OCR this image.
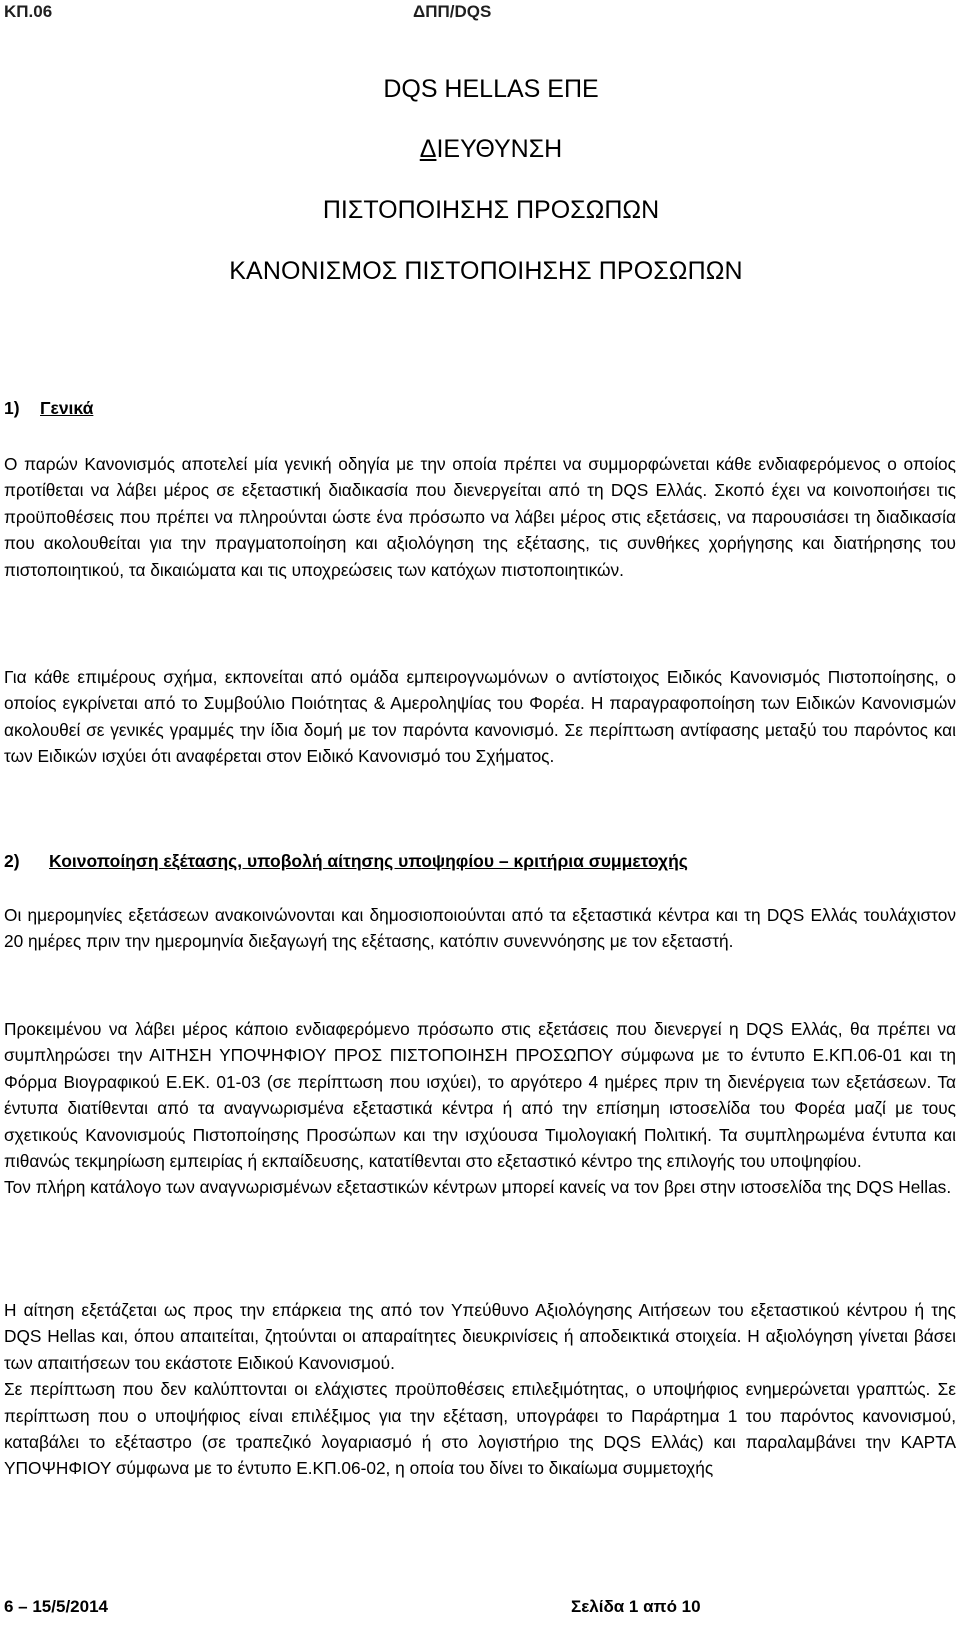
ΚΠ.06	ΔΠΠ/DQS
DQS HELLAS ΕΠΕ
ΔΙΕΥΘΥΝΣΗ
ΠΙΣΤΟΠΟΙΗΣΗΣ ΠΡΟΣΩΠΩΝ
ΚΑΝΟΝΙΣΜΟΣ ΠΙΣΤΟΠΟΙΗΣΗΣ ΠΡΟΣΩΠΩΝ
1) Γενικά

Ο παρών Κανονισμός αποτελεί μία γενική οδηγία με την οποία πρέπει να συμμορφώνεται κάθε ενδιαφερόμενος ο οποίος προτίθεται να λάβει μέρος σε εξεταστική διαδικασία που διενεργείται από τη DQS Ελλάς. Σκοπό έχει να κοινοποιήσει τις προϋποθέσεις που πρέπει να πληρούνται ώστε ένα πρόσωπο να λάβει μέρος στις εξετάσεις, να παρουσιάσει τη διαδικασία που ακολουθείται για την πραγματοποίηση και αξιολόγηση της εξέτασης, τις συνθήκες χορήγησης και διατήρησης του πιστοποιητικού, τα δικαιώματα και τις υποχρεώσεις των κατόχων πιστοποιητικών.

Για κάθε επιμέρους σχήμα, εκπονείται από ομάδα εμπειρογνωμόνων ο αντίστοιχος Ειδικός Κανονισμός Πιστοποίησης, ο οποίος εγκρίνεται από το Συμβούλιο Ποιότητας & Αμεροληψίας του Φορέα. Η παραγραφοποίηση των Ειδικών Κανονισμών ακολουθεί σε γενικές γραμμές την ίδια δομή με τον παρόντα κανονισμό. Σε περίπτωση αντίφασης μεταξύ του παρόντος και των Ειδικών ισχύει ότι αναφέρεται στον Ειδικό Κανονισμό του Σχήματος.

2) Κοινοποίηση εξέτασης, υποβολή αίτησης υποψηφίου – κριτήρια συμμετοχής

Οι ημερομηνίες εξετάσεων ανακοινώνονται και δημοσιοποιούνται από τα εξεταστικά κέντρα και τη DQS Ελλάς τουλάχιστον 20 ημέρες πριν την ημερομηνία διεξαγωγή της εξέτασης, κατόπιν συνεννόησης με τον εξεταστή.

Προκειμένου να λάβει μέρος κάποιο ενδιαφερόμενο πρόσωπο στις εξετάσεις που διενεργεί η DQS Ελλάς, θα πρέπει να συμπληρώσει την ΑΙΤΗΣΗ ΥΠΟΨΗΦΙΟΥ ΠΡΟΣ ΠΙΣΤΟΠΟΙΗΣΗ ΠΡΟΣΩΠΟΥ σύμφωνα με το έντυπο Ε.ΚΠ.06-01 και τη Φόρμα Βιογραφικού Ε.ΕΚ. 01-03 (σε περίπτωση που ισχύει), το αργότερο 4 ημέρες πριν τη διενέργεια των εξετάσεων. Τα έντυπα διατίθενται από τα αναγνωρισμένα εξεταστικά κέντρα ή από την επίσημη ιστοσελίδα του Φορέα μαζί με τους σχετικούς Κανονισμούς Πιστοποίησης Προσώπων και την ισχύουσα Τιμολογιακή Πολιτική. Τα συμπληρωμένα έντυπα και πιθανώς τεκμηρίωση εμπειρίας ή εκπαίδευσης, κατατίθενται στο εξεταστικό κέντρο της επιλογής του υποψηφίου.
Τον πλήρη κατάλογο των αναγνωρισμένων εξεταστικών κέντρων μπορεί κανείς να τον βρει στην ιστοσελίδα της DQS Hellas.
Η αίτηση εξετάζεται ως προς την επάρκεια της από τον Υπεύθυνο Αξιολόγησης Αιτήσεων του εξεταστικού κέντρου ή της DQS Hellas και, όπου απαιτείται, ζητούνται οι απαραίτητες διευκρινίσεις ή αποδεικτικά στοιχεία. Η αξιολόγηση γίνεται βάσει των απαιτήσεων του εκάστοτε Ειδικού Κανονισμού.
Σε περίπτωση που δεν καλύπτονται οι ελάχιστες προϋποθέσεις επιλεξιμότητας, ο υποψήφιος ενημερώνεται γραπτώς. Σε περίπτωση που ο υποψήφιος είναι επιλέξιμος για την εξέταση, υπογράφει το Παράρτημα 1 του παρόντος κανονισμού, καταβάλει το εξέταστρο (σε τραπεζικό λογαριασμό ή στο λογιστήριο της DQS Ελλάς) και παραλαμβάνει την ΚΑΡΤΑ ΥΠΟΨΗΦΙΟΥ σύμφωνα με το έντυπο Ε.ΚΠ.06-02, η οποία του δίνει το δικαίωμα συμμετοχής
6 – 15/5/2014	Σελίδα 1 από 10
